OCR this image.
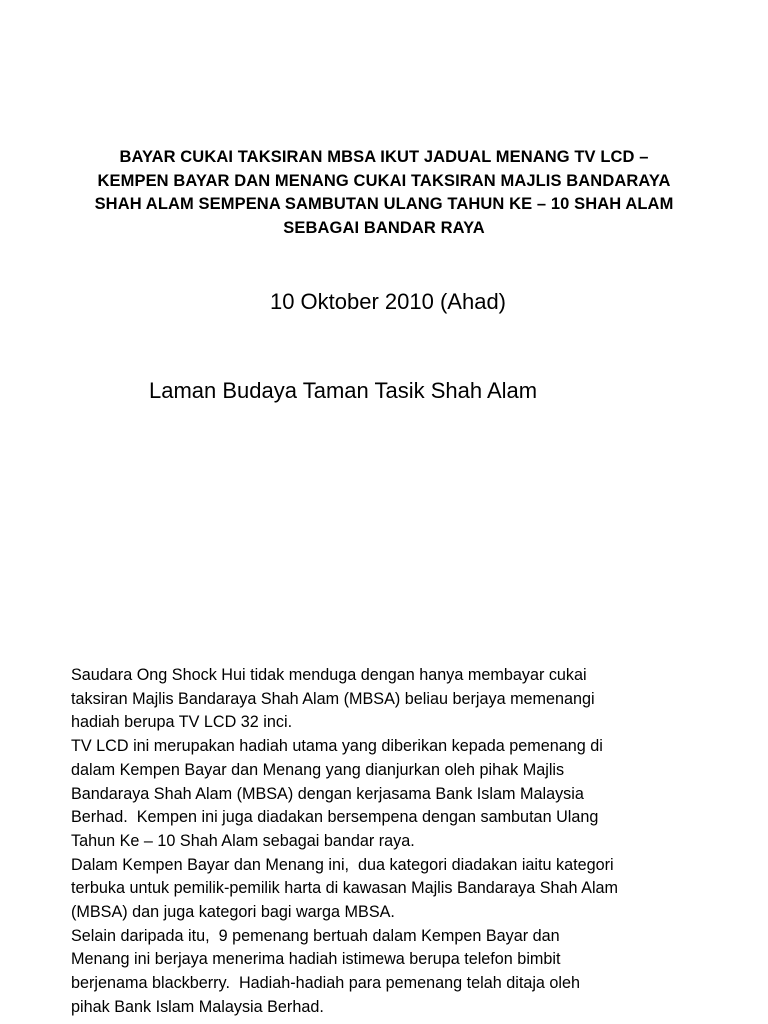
BAYAR CUKAI TAKSIRAN MBSA IKUT JADUAL MENANG TV LCD –
KEMPEN BAYAR DAN MENANG CUKAI TAKSIRAN MAJLIS BANDARAYA
SHAH ALAM SEMPENA SAMBUTAN ULANG TAHUN KE – 10 SHAH ALAM
SEBAGAI BANDAR RAYA
10 Oktober 2010 (Ahad)
Laman Budaya Taman Tasik Shah Alam
Saudara Ong Shock Hui tidak menduga dengan hanya membayar cukai
taksiran Majlis Bandaraya Shah Alam (MBSA) beliau berjaya memenangi
hadiah berupa TV LCD 32 inci.
TV LCD ini merupakan hadiah utama yang diberikan kepada pemenang di
dalam Kempen Bayar dan Menang yang dianjurkan oleh pihak Majlis
Bandaraya Shah Alam (MBSA) dengan kerjasama Bank Islam Malaysia
Berhad.  Kempen ini juga diadakan bersempena dengan sambutan Ulang
Tahun Ke – 10 Shah Alam sebagai bandar raya.
Dalam Kempen Bayar dan Menang ini,  dua kategori diadakan iaitu kategori
terbuka untuk pemilik-pemilik harta di kawasan Majlis Bandaraya Shah Alam
(MBSA) dan juga kategori bagi warga MBSA.
Selain daripada itu,  9 pemenang bertuah dalam Kempen Bayar dan
Menang ini berjaya menerima hadiah istimewa berupa telefon bimbit
berjenama blackberry.  Hadiah-hadiah para pemenang telah ditaja oleh
pihak Bank Islam Malaysia Berhad.
